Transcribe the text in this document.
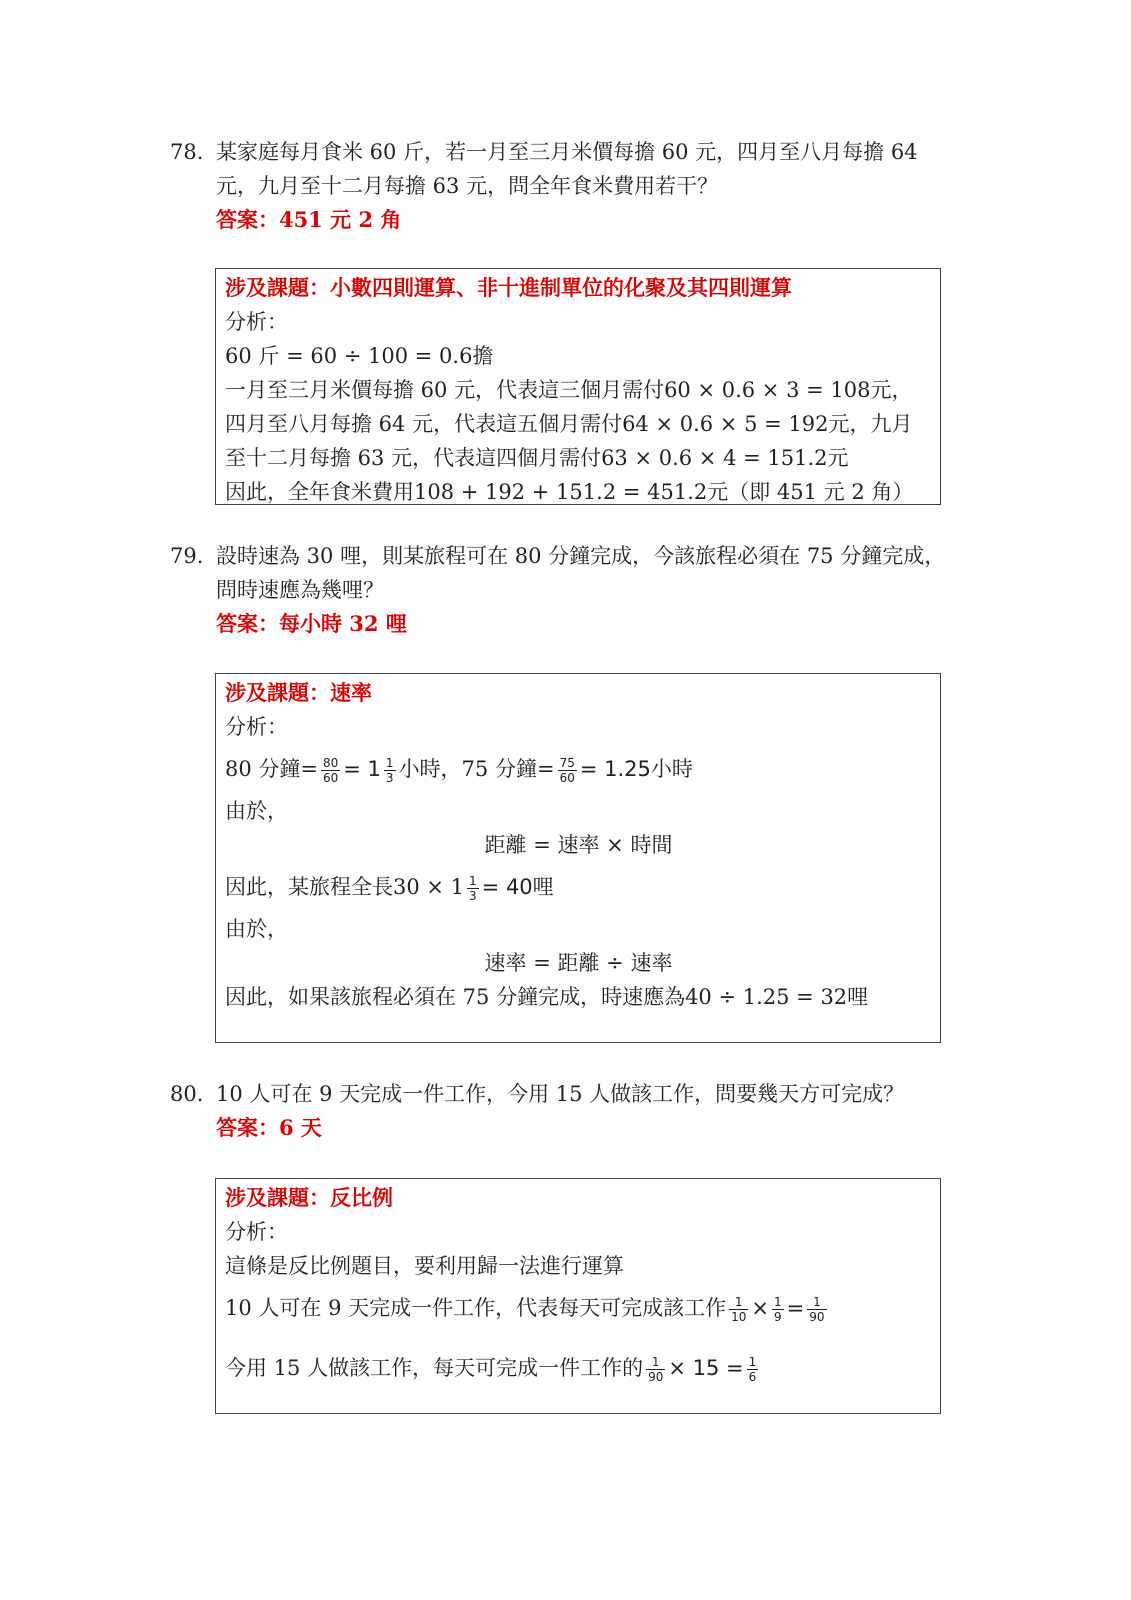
78. 某家庭每月食米 60 斤，若一月至三月米價每擔 60 元，四月至八月每擔 64 元，九月至十二月每擔 63 元，問全年食米費用若干？
答案：451 元 2 角
涉及課題：小數四則運算、非十進制單位的化聚及其四則運算
分析：
60 斤 = 60 ÷ 100 = 0.6擔
一月至三月米價每擔 60 元，代表這三個月需付60 × 0.6 × 3 = 108元，
四月至八月每擔 64 元，代表這五個月需付64 × 0.6 × 5 = 192元，九月
至十二月每擔 63 元，代表這四個月需付63 × 0.6 × 4 = 151.2元
因此，全年食米費用108 + 192 + 151.2 = 451.2元（即 451 元 2 角）
79. 設時速為 30 哩，則某旅程可在 80 分鐘完成，今該旅程必須在 75 分鐘完成，問時速應為幾哩？
答案：每小時 32 哩
涉及課題：速率
分析：
80 分鐘= $\frac{80}{60} = 1 \frac{1}{3}$ 小時，75 分鐘= $\frac{75}{60} = 1.25$小時
由於，
距離 = 速率 × 時間
因此，某旅程全長$30 \times 1 \frac{1}{3} = 40$哩
由於，
速率 = 距離 ÷ 速率
因此，如果該旅程必須在 75 分鐘完成，時速應為40 ÷ 1.25 = 32哩
80. 10 人可在 9 天完成一件工作，今用 15 人做該工作，問要幾天方可完成？
答案：6 天
涉及課題：反比例
分析：
這條是反比例題目，要利用歸一法進行運算
10 人可在 9 天完成一件工作，代表每天可完成該工作 $\frac{1}{10} \times \frac{1}{9} = \frac{1}{90}$
今用 15 人做該工作，每天可完成一件工作的 $\frac{1}{90} \times 15 = \frac{1}{6}$
